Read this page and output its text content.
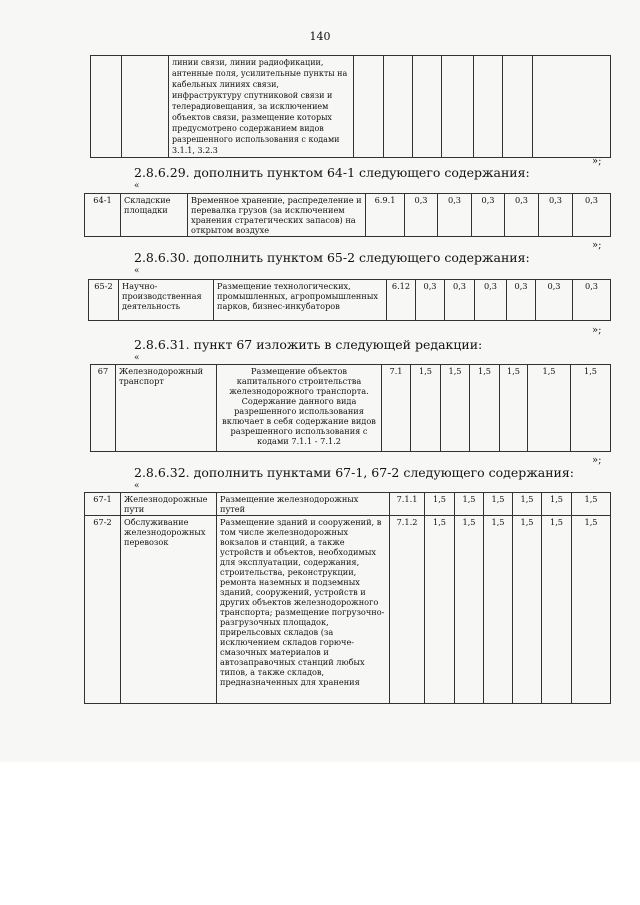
140
		линии связи, линии радиофикации, антенные поля, усилительные пункты на кабельных линиях связи, инфраструктуру спутниковой связи и телерадиовещания, за исключением объектов связи, размещение которых предусмотрено содержанием видов разрешенного использования с кодами 3.1.1, 3.2.3							
»;
2.8.6.29. дополнить пунктом 64-1 следующего содержания:
«
64-1	Складские площадки	Временное хранение, распределение и перевалка грузов (за исключением хранения стратегических запасов) на открытом воздухе	6.9.1	0,3	0,3	0,3	0,3	0,3	0,3
»;
2.8.6.30. дополнить пунктом 65-2 следующего содержания:
«
65-2	Научно-производственная деятельность	Размещение технологических, промышленных, агропромышленных парков, бизнес-инкубаторов	6.12	0,3	0,3	0,3	0,3	0,3	0,3
»;
2.8.6.31. пункт 67 изложить в следующей редакции:
«
67	Железнодорожный транспорт	Размещение объектов капитального строительства железнодорожного транспорта. Содержание данного вида разрешенного использования включает в себя содержание видов разрешенного использования с кодами 7.1.1 - 7.1.2	7.1	1,5	1,5	1,5	1,5	1,5	1,5
»;
2.8.6.32. дополнить пунктами 67-1, 67-2 следующего содержания:
«
67-1	Железнодорожные пути	Размещение железнодорожных путей	7.1.1	1,5	1,5	1,5	1,5	1,5	1,5
67-2	Обслуживание железнодорожных перевозок	Размещение зданий и сооружений, в том числе железнодорожных вокзалов и станций, а также устройств и объектов, необходимых для эксплуатации, содержания, строительства, реконструкции, ремонта наземных и подземных зданий, сооружений, устройств и других объектов железнодорожного транспорта; размещение погрузочно-разгрузочных площадок, прирельсовых складов (за исключением складов горюче-смазочных материалов и автозаправочных станций любых типов, а также складов, предназначенных для хранения	7.1.2	1,5	1,5	1,5	1,5	1,5	1,5
